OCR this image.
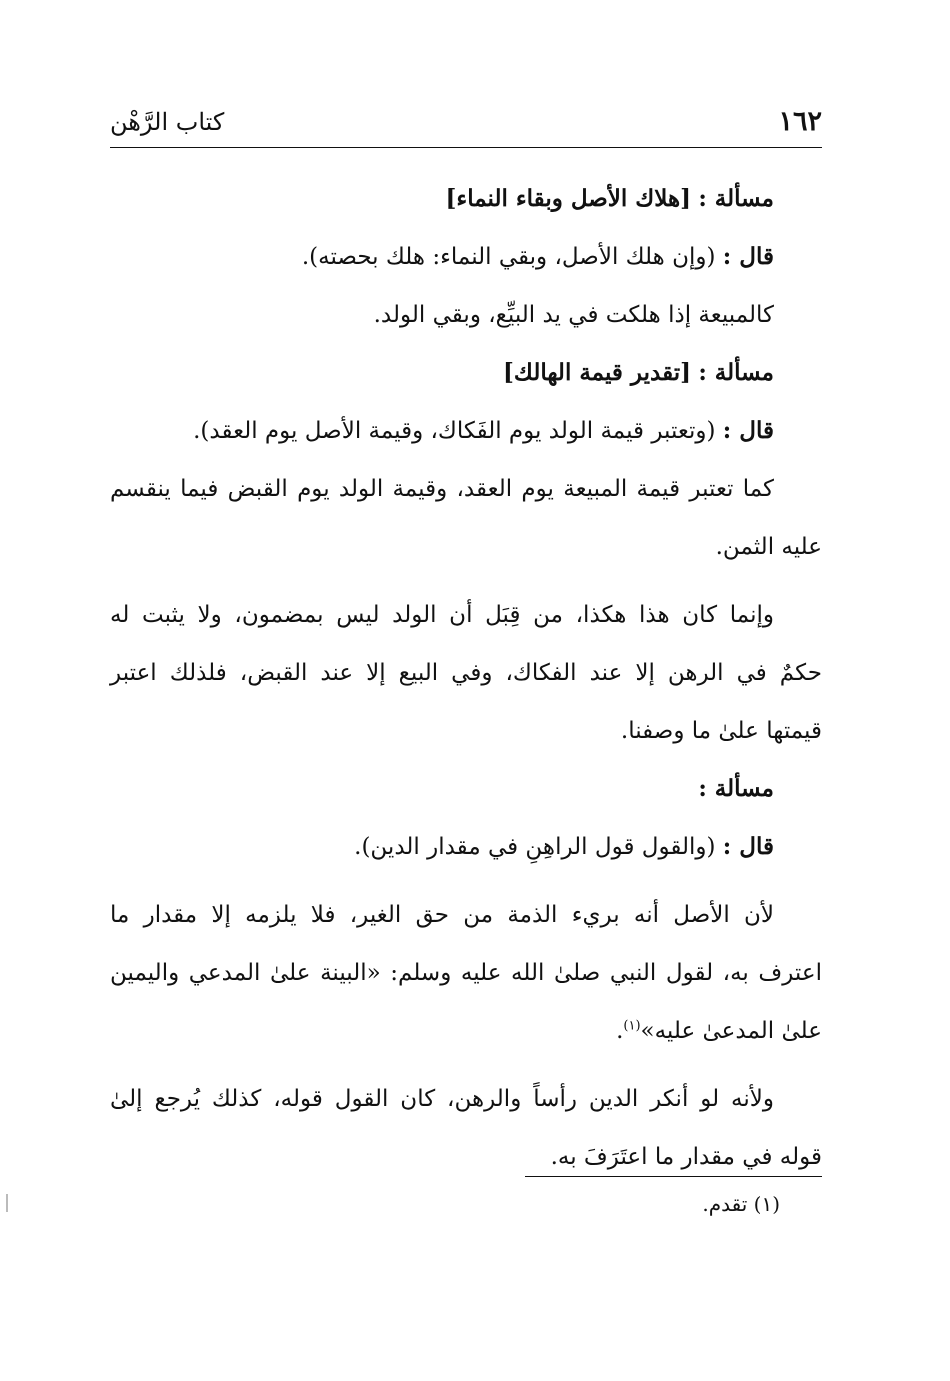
١٦٢
كتاب الرَّهْن
مسألة : [هلاك الأصل وبقاء النماء]
قال : (وإن هلك الأصل، وبقي النماء: هلك بحصته).
كالمبيعة إذا هلكت في يد البيِّع، وبقي الولد.
مسألة : [تقدير قيمة الهالك]
قال : (وتعتبر قيمة الولد يوم الفَكاك، وقيمة الأصل يوم العقد).
كما تعتبر قيمة المبيعة يوم العقد، وقيمة الولد يوم القبض فيما ينقسم
عليه الثمن.
وإنما كان هذا هكذا، من قِبَل أن الولد ليس بمضمون، ولا يثبت له
حكمٌ في الرهن إلا عند الفكاك، وفي البيع إلا عند القبض، فلذلك اعتبر
قيمتها علىٰ ما وصفنا.
مسألة :
قال : (والقول قول الراهِنِ في مقدار الدين).
لأن الأصل أنه بريء الذمة من حق الغير، فلا يلزمه إلا مقدار ما
اعترف به، لقول النبي صلىٰ الله عليه وسلم: «البينة علىٰ المدعي واليمين
علىٰ المدعىٰ عليه»$^{(١)}$.
ولأنه لو أنكر الدين رأساً والرهن، كان القول قوله، كذلك يُرجع إلىٰ
قوله في مقدار ما اعتَرَفَ به.
(١) تقدم.
